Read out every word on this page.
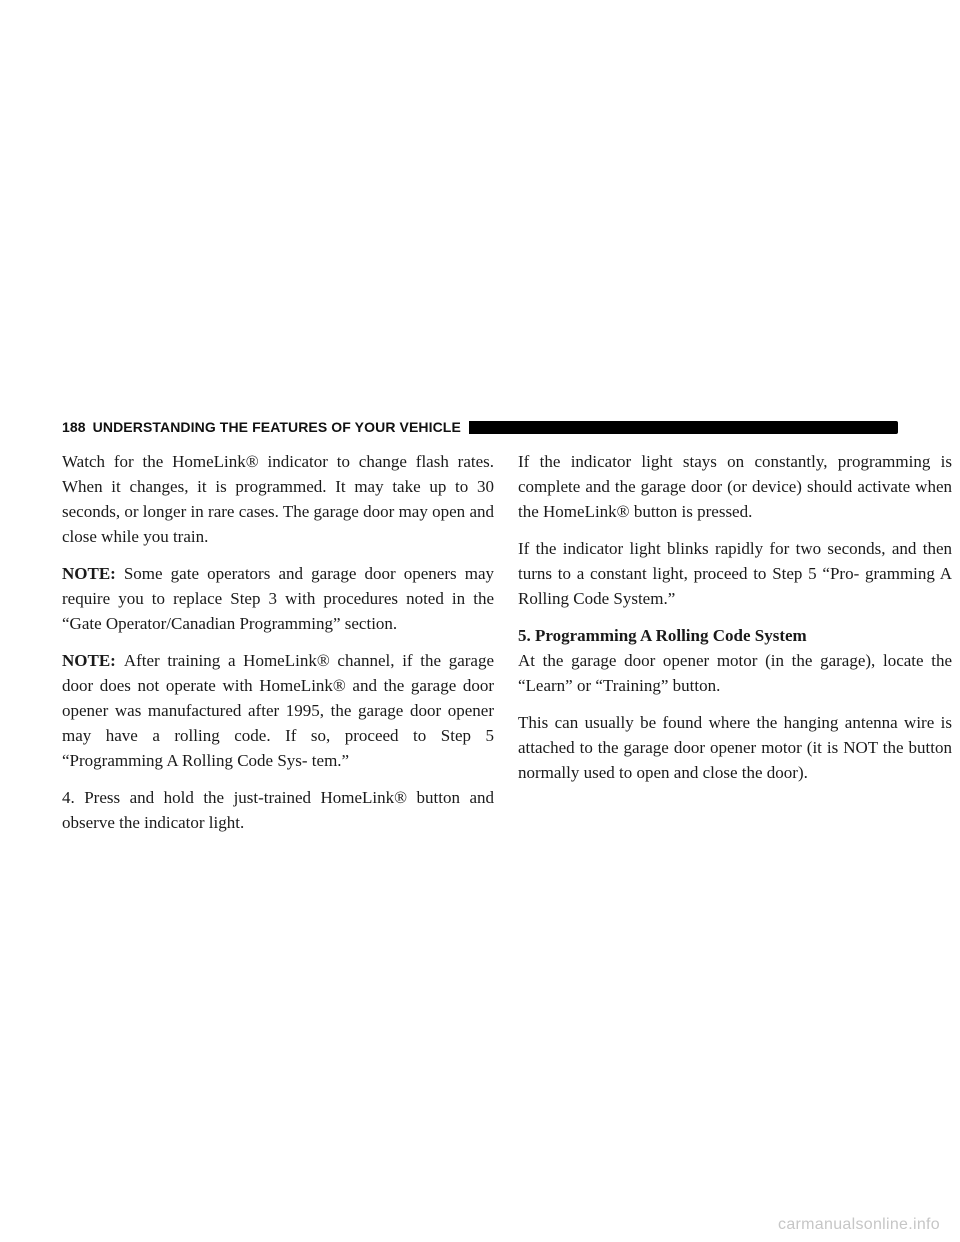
188 UNDERSTANDING THE FEATURES OF YOUR VEHICLE

Watch for the HomeLink® indicator to change flash rates. When it changes, it is programmed. It may take up to 30 seconds, or longer in rare cases. The garage door may open and close while you train.

NOTE: Some gate operators and garage door openers may require you to replace Step 3 with procedures noted in the “Gate Operator/Canadian Programming” section.

NOTE: After training a HomeLink® channel, if the garage door does not operate with HomeLink® and the garage door opener was manufactured after 1995, the garage door opener may have a rolling code. If so, proceed to Step 5 “Programming A Rolling Code Sys- tem.”

4. Press and hold the just-trained HomeLink® button and observe the indicator light.

If the indicator light stays on constantly, programming is complete and the garage door (or device) should activate when the HomeLink® button is pressed.

If the indicator light blinks rapidly for two seconds, and then turns to a constant light, proceed to Step 5 “Pro- gramming A Rolling Code System.”

5. Programming A Rolling Code System

At the garage door opener motor (in the garage), locate the “Learn” or “Training” button.

This can usually be found where the hanging antenna wire is attached to the garage door opener motor (it is NOT the button normally used to open and close the door).

carmanualsonline.info
